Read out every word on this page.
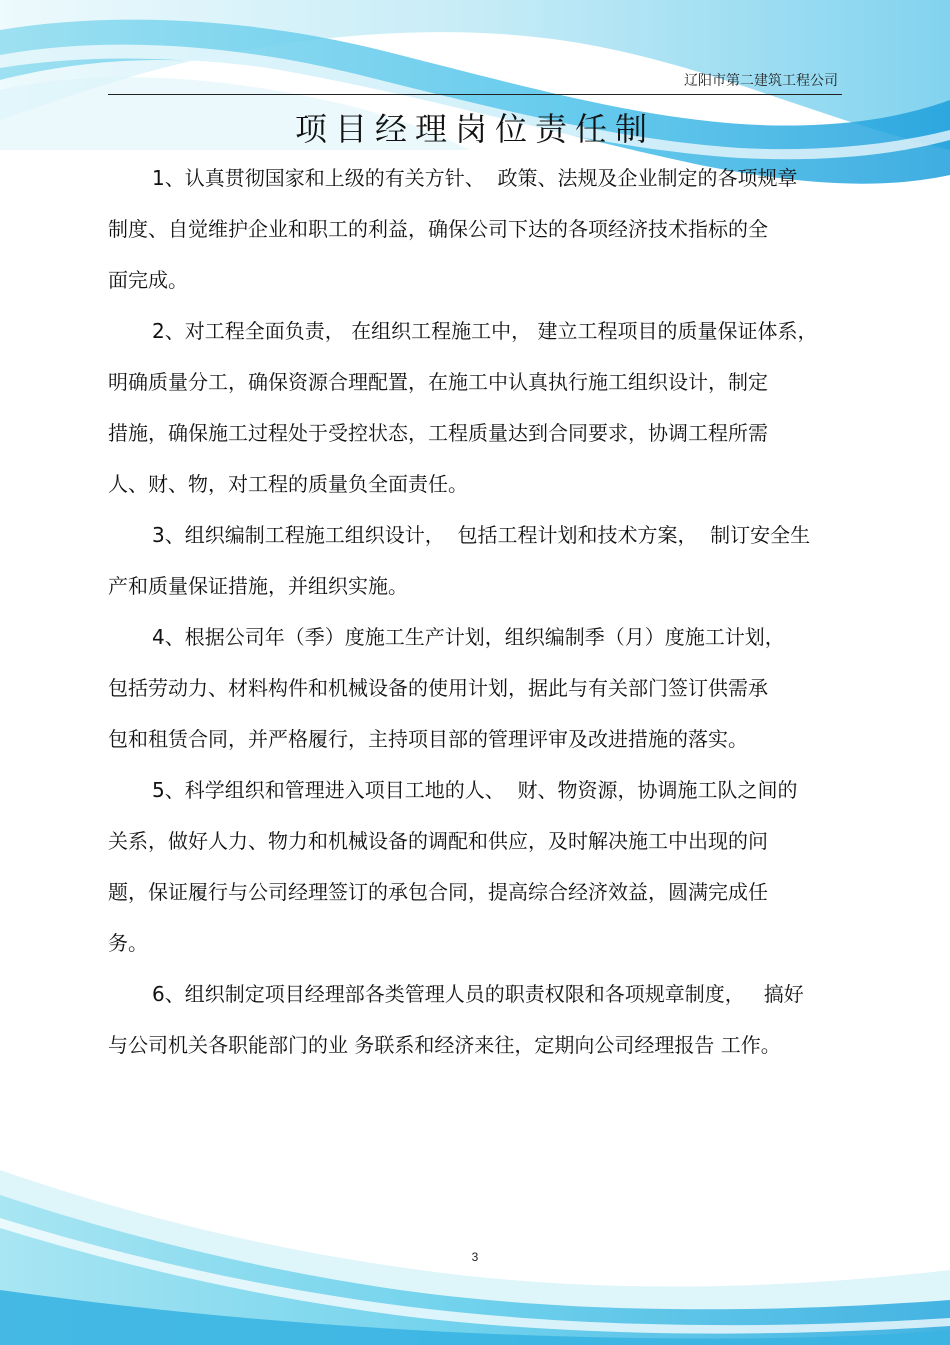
辽阳市第二建筑工程公司
项目经理岗位责任制
1、认真贯彻国家和上级的有关方针、  政策、法规及企业制定的各项规章
制度、自觉维护企业和职工的利益，确保公司下达的各项经济技术指标的全
面完成。
2、对工程全面负责， 在组织工程施工中， 建立工程项目的质量保证体系，
明确质量分工，确保资源合理配置，在施工中认真执行施工组织设计，制定
措施，确保施工过程处于受控状态，工程质量达到合同要求，协调工程所需
人、财、物，对工程的质量负全面责任。
3、组织编制工程施工组织设计，  包括工程计划和技术方案，  制订安全生
产和质量保证措施，并组织实施。
4、根据公司年（季）度施工生产计划，组织编制季（月）度施工计划，
包括劳动力、材料构件和机械设备的使用计划，据此与有关部门签订供需承
包和租赁合同，并严格履行，主持项目部的管理评审及改进措施的落实。
5、科学组织和管理进入项目工地的人、  财、物资源，协调施工队之间的
关系，做好人力、物力和机械设备的调配和供应，及时解决施工中出现的问
题，保证履行与公司经理签订的承包合同，提高综合经济效益，圆满完成任
务。
6、组织制定项目经理部各类管理人员的职责权限和各项规章制度，   搞好
与公司机关各职能部门的业 务联系和经济来往，定期向公司经理报告 工作。
3
